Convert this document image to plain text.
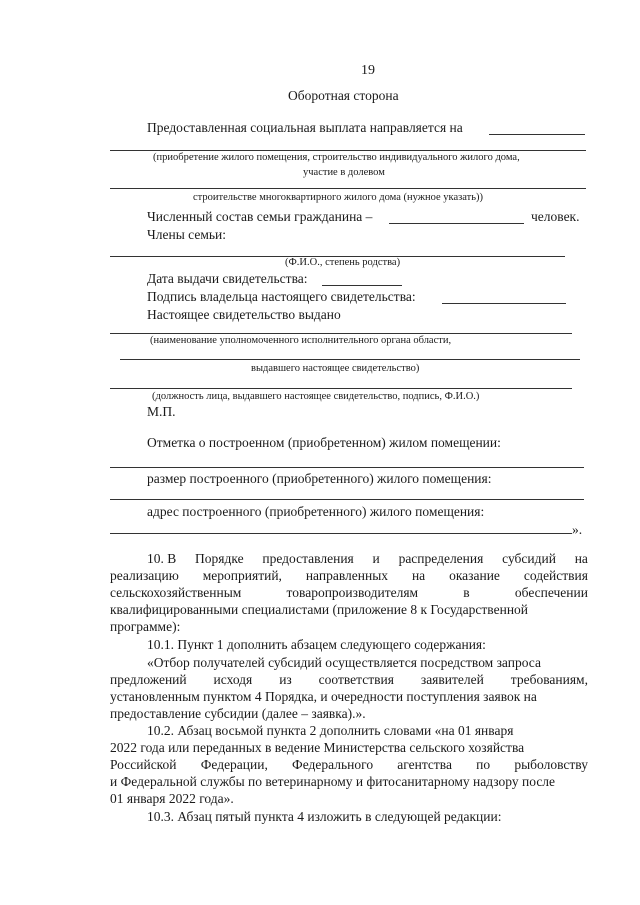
19
Оборотная сторона
Предоставленная социальная выплата направляется на
(приобретение жилого помещения, строительство индивидуального жилого дома,
участие в долевом
строительстве многоквартирного жилого дома (нужное указать))
Численный состав семьи гражданина –	человек.
Члены семьи:
(Ф.И.О., степень родства)
Дата выдачи свидетельства:
Подпись владельца настоящего свидетельства:
Настоящее свидетельство выдано
(наименование уполномоченного исполнительного органа области,
выдавшего настоящее свидетельство)
(должность лица, выдавшего настоящее свидетельство, подпись, Ф.И.О.)
М.П.
Отметка о построенном (приобретенном) жилом помещении:
размер построенного (приобретенного) жилого помещения:
адрес построенного (приобретенного) жилого помещения:
».
10. В Порядке предоставления и распределения субсидий на
реализацию мероприятий, направленных на оказание содействия
сельскохозяйственным	товаропроизводителям	в	обеспечении
квалифицированными специалистами (приложение 8 к Государственной
программе):
10.1. Пункт 1 дополнить абзацем следующего содержания:
«Отбор получателей субсидий осуществляется посредством запроса
предложений исходя из соответствия заявителей требованиям,
установленным пунктом 4 Порядка, и очередности поступления заявок на
предоставление субсидии (далее – заявка).».
10.2. Абзац восьмой пункта 2 дополнить словами «на 01 января
2022 года или переданных в ведение Министерства сельского хозяйства
Российской Федерации, Федерального агентства по рыболовству
и Федеральной службы по ветеринарному и фитосанитарному надзору после
01 января 2022 года».
10.3. Абзац пятый пункта 4 изложить в следующей редакции:
